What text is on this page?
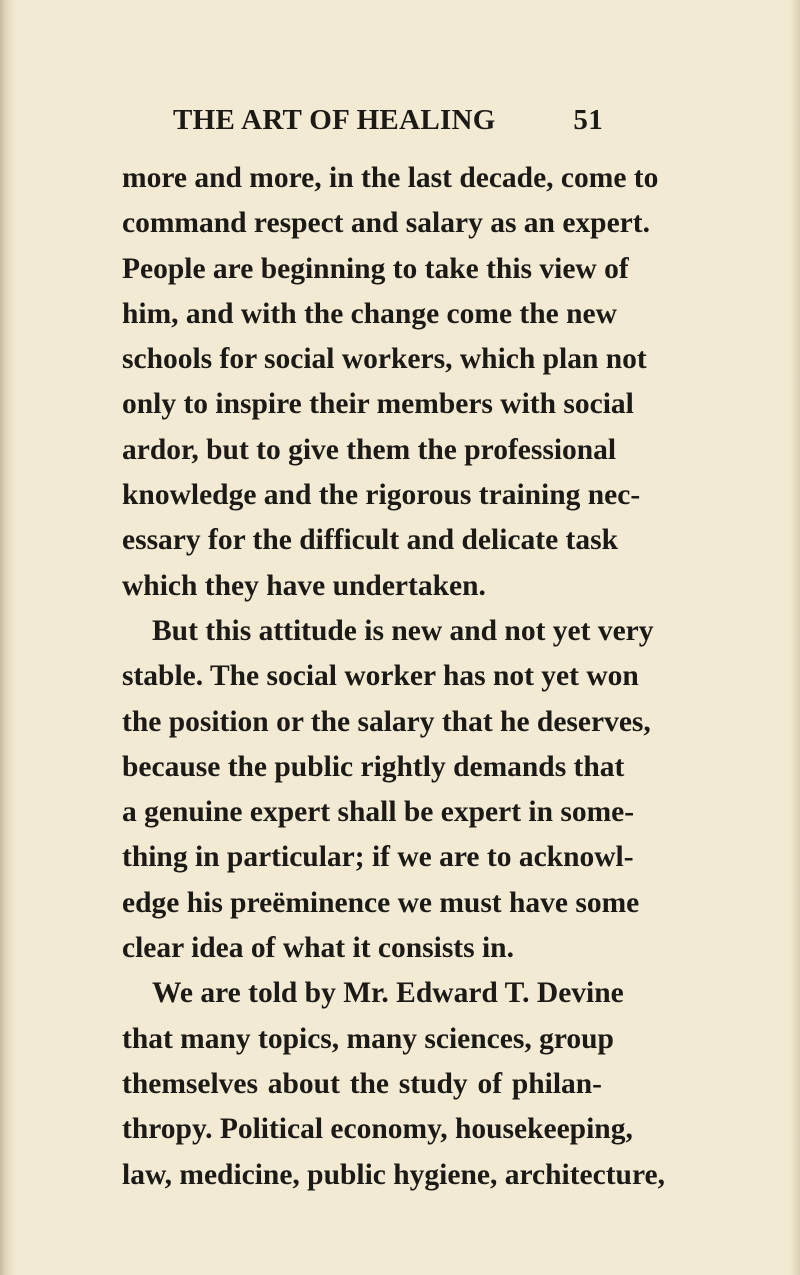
THE ART OF HEALING	51
more and more, in the last decade, come to
command respect and salary as an expert.
People are beginning to take this view of
him, and with the change come the new
schools for social workers, which plan not
only to inspire their members with social
ardor, but to give them the professional
knowledge and the rigorous training nec-
essary for the difficult and delicate task
which they have undertaken.
But this attitude is new and not yet very
stable. The social worker has not yet won
the position or the salary that he deserves,
because the public rightly demands that
a genuine expert shall be expert in some-
thing in particular; if we are to acknowl-
edge his preëminence we must have some
clear idea of what it consists in.
We are told by Mr. Edward T. Devine
that many topics, many sciences, group
themselves about the study of philan-
thropy. Political economy, housekeeping,
law, medicine, public hygiene, architecture,
